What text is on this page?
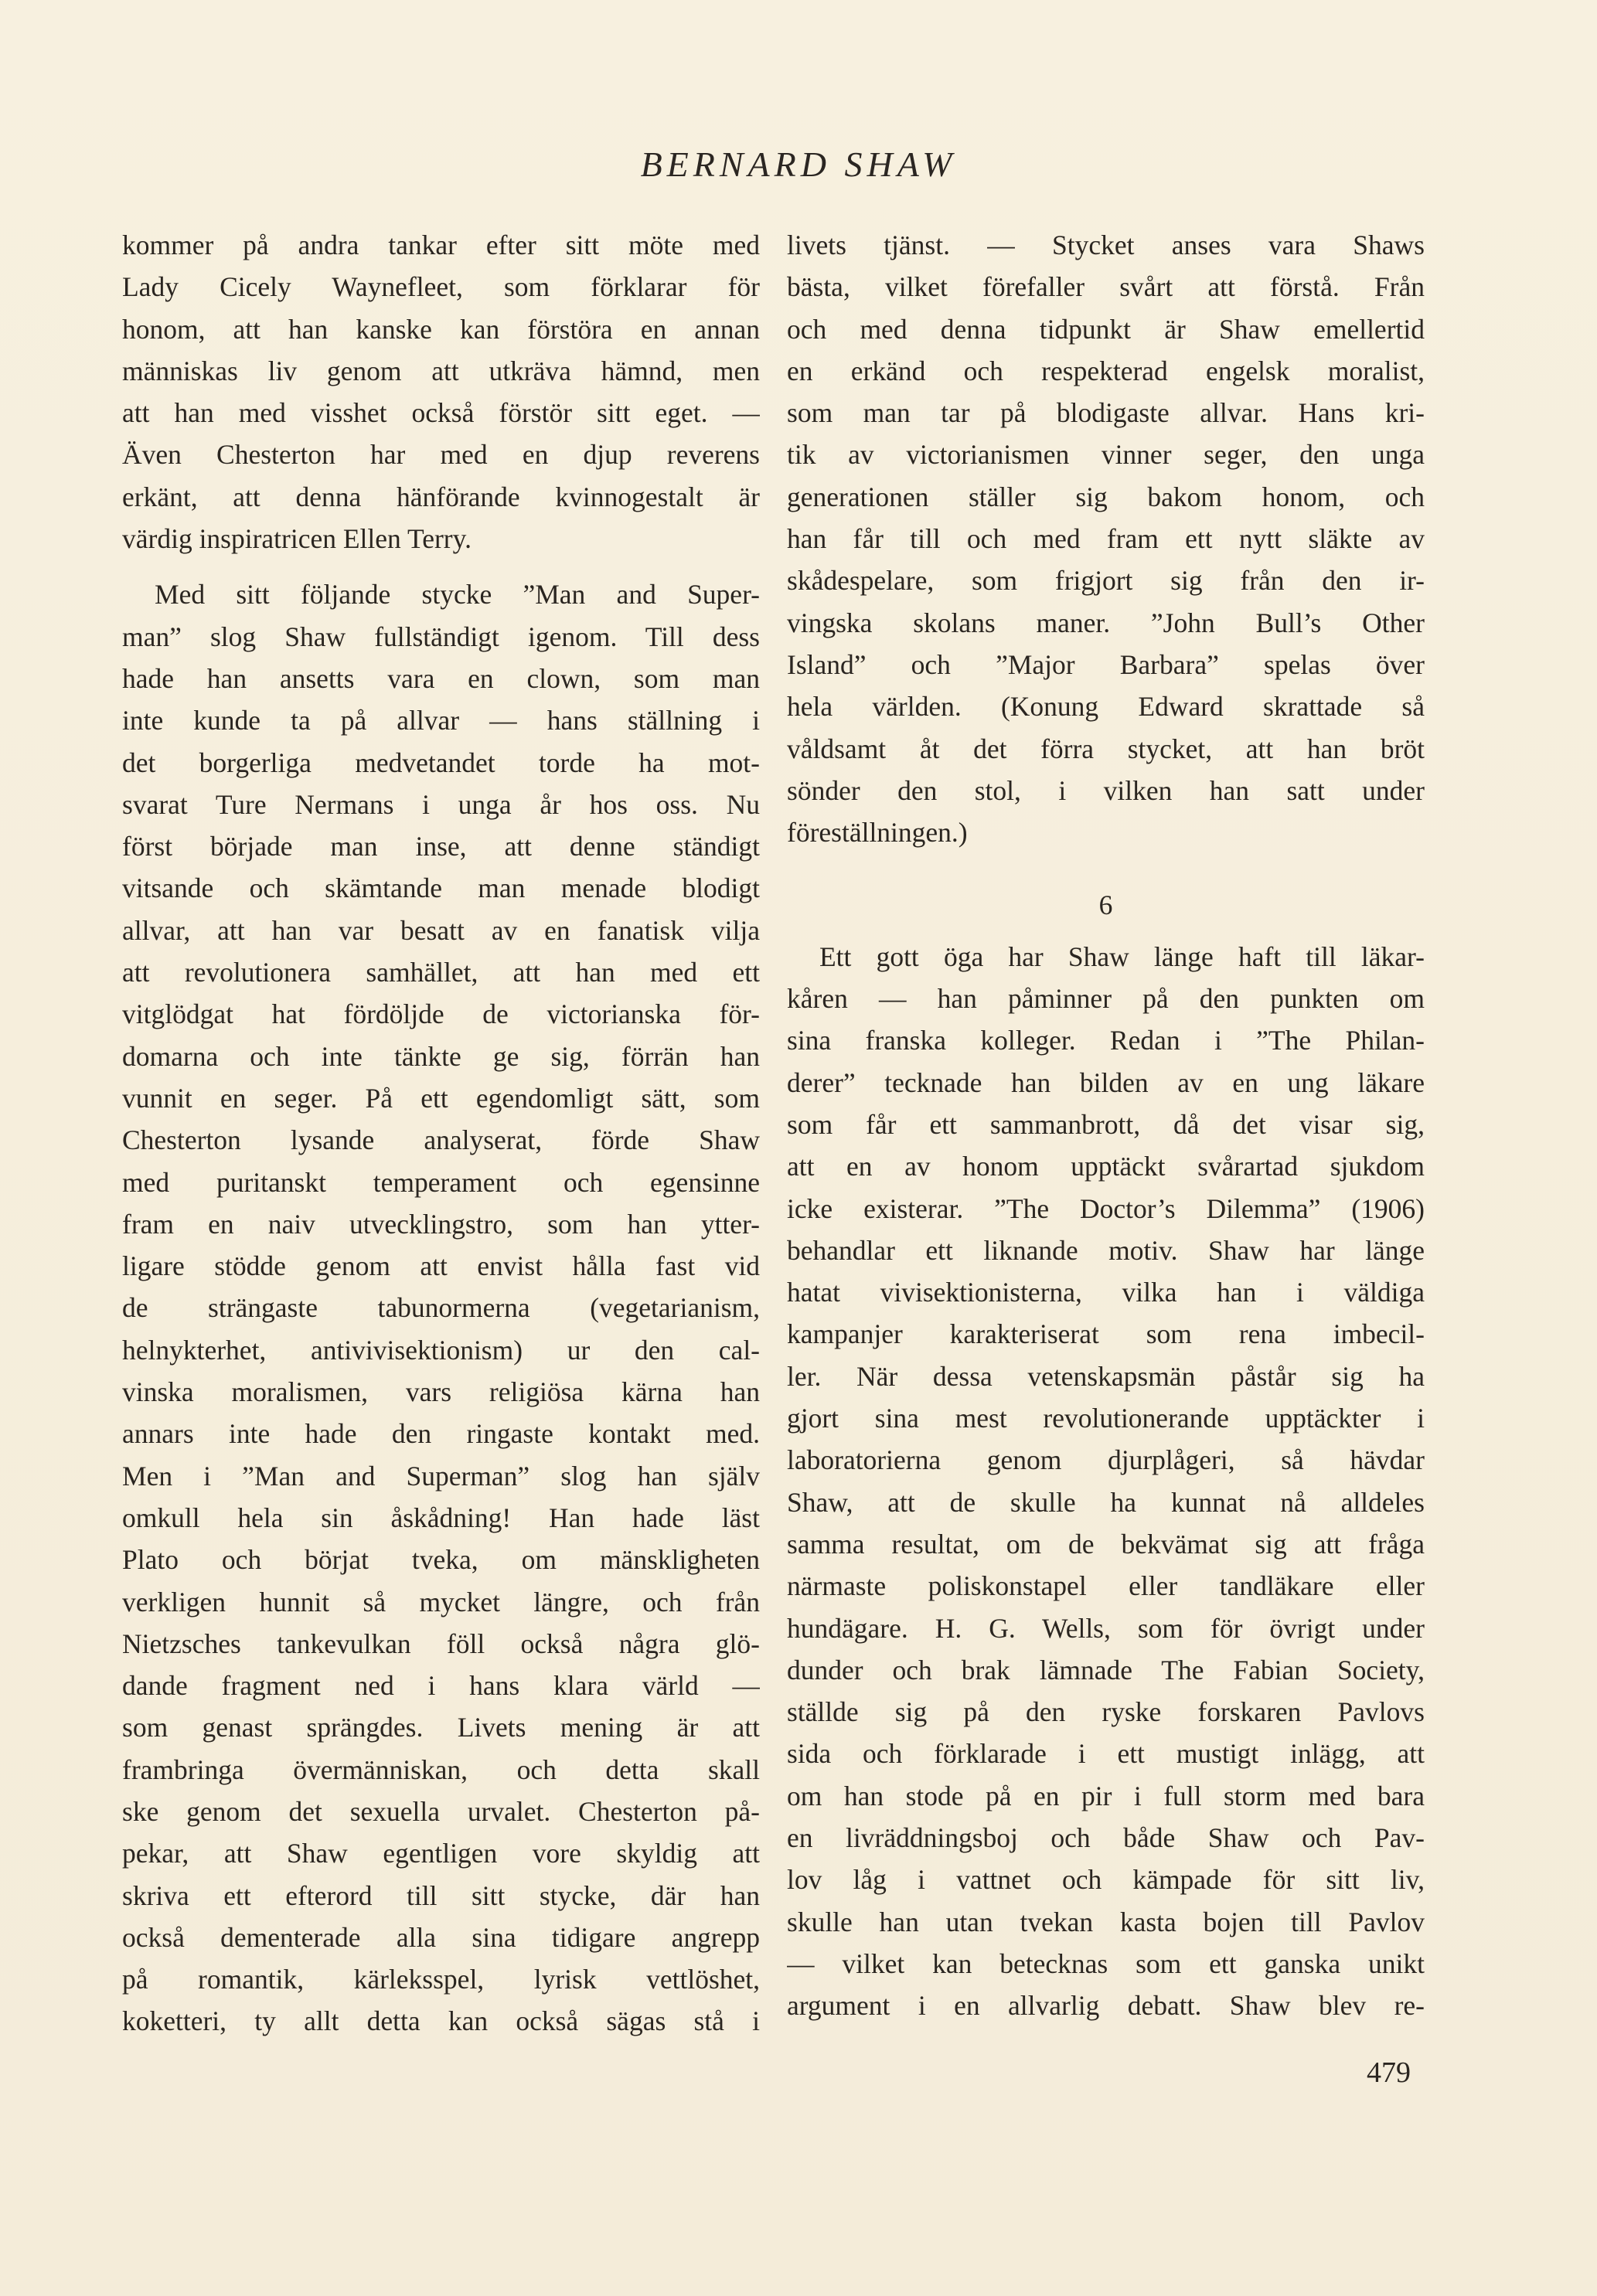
BERNARD SHAW
kommer på andra tankar efter sitt möte med
Lady Cicely Waynefleet, som förklarar för
honom, att han kanske kan förstöra en annan
människas liv genom att utkräva hämnd, men
att han med visshet också förstör sitt eget. —
Även Chesterton har med en djup reverens
erkänt, att denna hänförande kvinnogestalt är
värdig inspiratricen Ellen Terry.
Med sitt följande stycke ”Man and Super-
man” slog Shaw fullständigt igenom. Till dess
hade han ansetts vara en clown, som man
inte kunde ta på allvar — hans ställning i
det borgerliga medvetandet torde ha mot-
svarat Ture Nermans i unga år hos oss. Nu
först började man inse, att denne ständigt
vitsande och skämtande man menade blodigt
allvar, att han var besatt av en fanatisk vilja
att revolutionera samhället, att han med ett
vitglödgat hat fördöljde de victorianska för-
domarna och inte tänkte ge sig, förrän han
vunnit en seger. På ett egendomligt sätt, som
Chesterton lysande analyserat, förde Shaw
med puritanskt temperament och egensinne
fram en naiv utvecklingstro, som han ytter-
ligare stödde genom att envist hålla fast vid
de strängaste tabunormerna (vegetarianism,
helnykterhet, antivivisektionism) ur den cal-
vinska moralismen, vars religiösa kärna han
annars inte hade den ringaste kontakt med.
Men i ”Man and Superman” slog han själv
omkull hela sin åskådning! Han hade läst
Plato och börjat tveka, om mänskligheten
verkligen hunnit så mycket längre, och från
Nietzsches tankevulkan föll också några glö-
dande fragment ned i hans klara värld —
som genast sprängdes. Livets mening är att
frambringa övermänniskan, och detta skall
ske genom det sexuella urvalet. Chesterton på-
pekar, att Shaw egentligen vore skyldig att
skriva ett efterord till sitt stycke, där han
också dementerade alla sina tidigare angrepp
på romantik, kärleksspel, lyrisk vettlöshet,
koketteri, ty allt detta kan också sägas stå i
livets tjänst. — Stycket anses vara Shaws
bästa, vilket förefaller svårt att förstå. Från
och med denna tidpunkt är Shaw emellertid
en erkänd och respekterad engelsk moralist,
som man tar på blodigaste allvar. Hans kri-
tik av victorianismen vinner seger, den unga
generationen ställer sig bakom honom, och
han får till och med fram ett nytt släkte av
skådespelare, som frigjort sig från den ir-
vingska skolans maner. ”John Bull’s Other
Island” och ”Major Barbara” spelas över
hela världen. (Konung Edward skrattade så
våldsamt åt det förra stycket, att han bröt
sönder den stol, i vilken han satt under
föreställningen.)
6
Ett gott öga har Shaw länge haft till läkar-
kåren — han påminner på den punkten om
sina franska kolleger. Redan i ”The Philan-
derer” tecknade han bilden av en ung läkare
som får ett sammanbrott, då det visar sig,
att en av honom upptäckt svårartad sjukdom
icke existerar. ”The Doctor’s Dilemma” (1906)
behandlar ett liknande motiv. Shaw har länge
hatat vivisektionisterna, vilka han i väldiga
kampanjer karakteriserat som rena imbecil-
ler. När dessa vetenskapsmän påstår sig ha
gjort sina mest revolutionerande upptäckter i
laboratorierna genom djurplågeri, så hävdar
Shaw, att de skulle ha kunnat nå alldeles
samma resultat, om de bekvämat sig att fråga
närmaste poliskonstapel eller tandläkare eller
hundägare. H. G. Wells, som för övrigt under
dunder och brak lämnade The Fabian Society,
ställde sig på den ryske forskaren Pavlovs
sida och förklarade i ett mustigt inlägg, att
om han stode på en pir i full storm med bara
en livräddningsboj och både Shaw och Pav-
lov låg i vattnet och kämpade för sitt liv,
skulle han utan tvekan kasta bojen till Pavlov
— vilket kan betecknas som ett ganska unikt
argument i en allvarlig debatt. Shaw blev re-
479
